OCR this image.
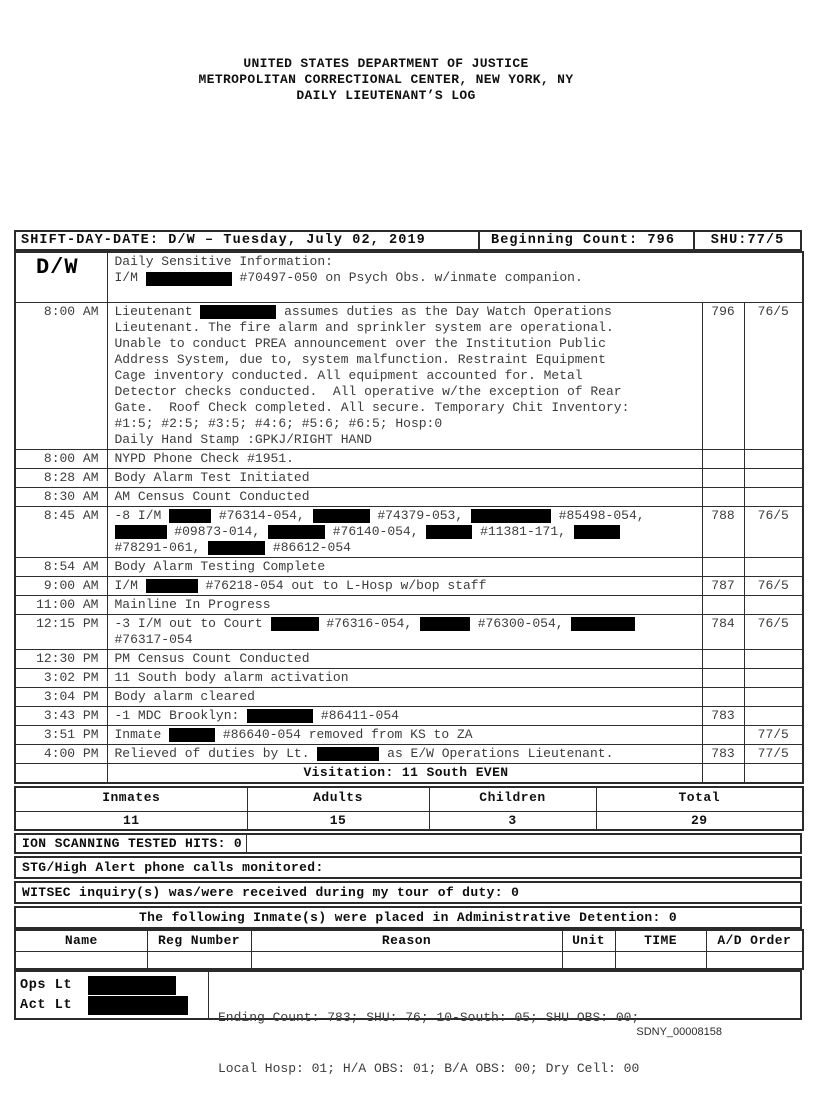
UNITED STATES DEPARTMENT OF JUSTICE
METROPOLITAN CORRECTIONAL CENTER, NEW YORK, NY
DAILY LIEUTENANT’S LOG
SHIFT-DAY-DATE: D/W – Tuesday, July 02, 2019	Beginning Count: 796	SHU:77/5
D/W	Daily Sensitive Information:
I/M #70497-050 on Psych Obs. w/inmate companion.		

8:00 AM	Lieutenant	assumes duties as the Day Watch Operations
Lieutenant. The fire alarm and sprinkler system are operational.
Unable to conduct PREA announcement over the Institution Public
Address System, due to, system malfunction. Restraint Equipment
Cage inventory conducted. All equipment accounted for. Metal
Detector checks conducted.  All operative w/the exception of Rear
Gate.  Roof Check completed. All secure. Temporary Chit Inventory:
#1:5; #2:5; #3:5; #4:6; #5:6; #6:5; Hosp:0
Daily Hand Stamp :GPKJ/RIGHT HAND
	796	76/5
8:00 AM	NYPD Phone Check #1951.		

8:28 AM	Body Alarm Test Initiated		

8:30 AM	AM Census Count Conducted		

8:45 AM	-8 I/M #76314-054, #74379-053, #85498-054,
#09873-014, #76140-054, #11381-171,
#78291-061, #86612-054	788	76/5
8:54 AM	Body Alarm Testing Complete		

9:00 AM	I/M #76218-054 out to L-Hosp w/bop staff	787	76/5
11:00 AM	Mainline In Progress		

12:15 PM	-3 I/M out to Court #76316-054, #76300-054,
#76317-054	784	76/5
12:30 PM	PM Census Count Conducted		

3:02 PM	11 South body alarm activation		

3:04 PM	Body alarm cleared		

3:43 PM	-1 MDC Brooklyn: #86411-054	783	
3:51 PM	Inmate #86640-054 removed from KS to ZA		77/5
4:00 PM	Relieved of duties by Lt. as E/W Operations Lieutenant.	783	77/5

	Visitation: 11 South EVEN		

Inmates	Adults	Children	Total
11	15	3	29
ION SCANNING TESTED HITS: 0
STG/High Alert phone calls monitored:
WITSEC inquiry(s) was/were received during my tour of duty: 0
The following Inmate(s) were placed in Administrative Detention: 0
Name	Reg Number	Reason	Unit	TIME	A/D Order

Ops Lt
Act Lt

Ending Count: 783; SHU: 76; 10-South: 05; SHU OBS: 00;

Local Hosp: 01; H/A OBS: 01; B/A OBS: 00; Dry Cell: 00

SDNY_00008158
